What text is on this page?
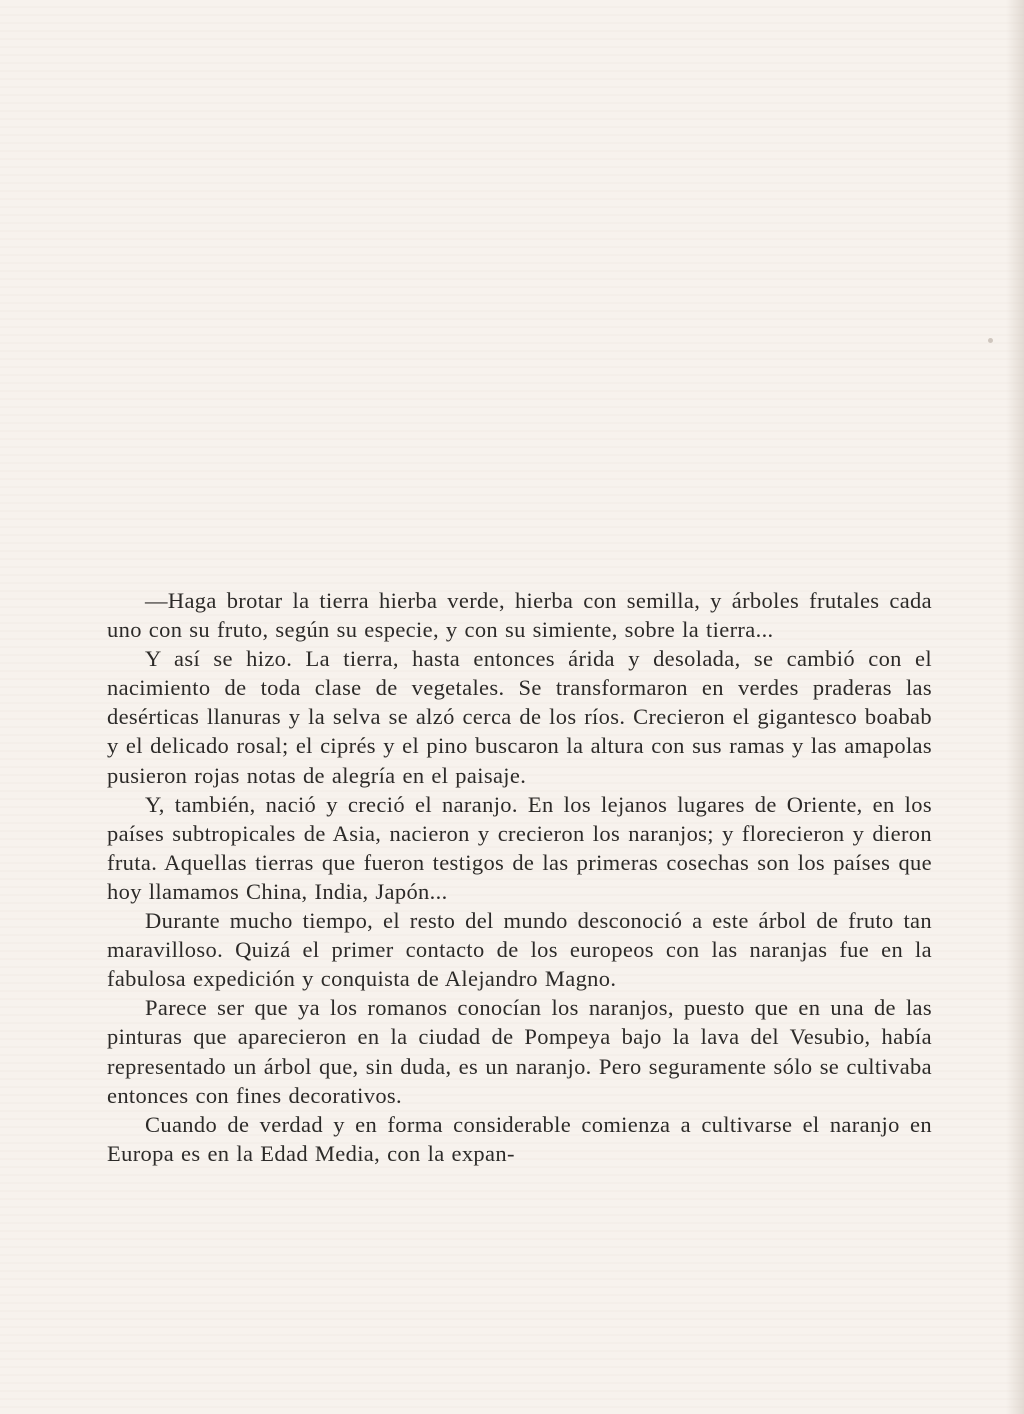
—Haga brotar la tierra hierba verde, hierba con semilla, y árboles frutales cada uno con su fruto, según su especie, y con su simiente, sobre la tierra...

Y así se hizo. La tierra, hasta entonces árida y desolada, se cambió con el nacimiento de toda clase de vegetales. Se transformaron en verdes praderas las desérticas llanuras y la selva se alzó cerca de los ríos. Crecieron el gigantesco boabab y el delicado rosal; el ciprés y el pino buscaron la altura con sus ramas y las amapolas pusieron rojas notas de alegría en el paisaje.

Y, también, nació y creció el naranjo. En los lejanos lugares de Oriente, en los países subtropicales de Asia, nacieron y crecieron los naranjos; y florecieron y dieron fruta. Aquellas tierras que fueron testigos de las primeras cosechas son los países que hoy llamamos China, India, Japón...

Durante mucho tiempo, el resto del mundo desconoció a este árbol de fruto tan maravilloso. Quizá el primer contacto de los europeos con las naranjas fue en la fabulosa expedición y conquista de Alejandro Magno.

Parece ser que ya los romanos conocían los naranjos, puesto que en una de las pinturas que aparecieron en la ciudad de Pompeya bajo la lava del Vesubio, había representado un árbol que, sin duda, es un naranjo. Pero seguramente sólo se cultivaba entonces con fines decorativos.

Cuando de verdad y en forma considerable comienza a cultivarse el naranjo en Europa es en la Edad Media, con la expan-
